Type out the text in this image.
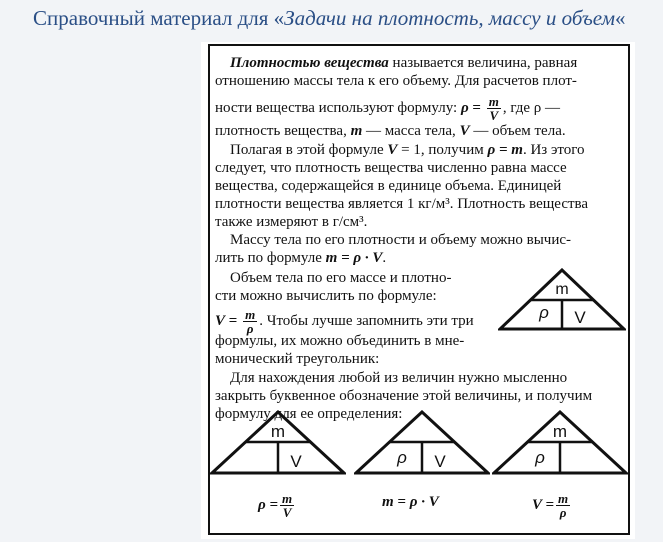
Справочный материал для «Задачи на плотность, массу и объем«
Плотностью вещества называется величина, равная
отношению массы тела к его объему. Для расчетов плот-
ности вещества используют формулу: $\rho = \frac{m}{V}$ , где ρ —
плотность вещества, m — масса тела, V — объем тела.
Полагая в этой формуле V = 1, получим ρ = m. Из этого
следует, что плотность вещества численно равна массе
вещества, содержащейся в единице объема. Единицей
плотности вещества является 1 кг/м³. Плотность вещества
также измеряют в г/см³.
Массу тела по его плотности и объему можно вычис-
лить по формуле m = ρ · V.
Объем тела по его массе и плотно-
сти можно вычислить по формуле:
$V = \frac{m}{\rho}$ . Чтобы лучше запомнить эти три
формулы, их можно объединить в мне-
монический треугольник:
Для нахождения любой из величин нужно мысленно
закрыть буквенное обозначение этой величины, и получим
формулу для ее определения:
m
ρ V
m
V	ρ V
m
ρ
$\rho = \frac{m}{V}$	m = ρ · V	$V = \frac{m}{\rho}$
